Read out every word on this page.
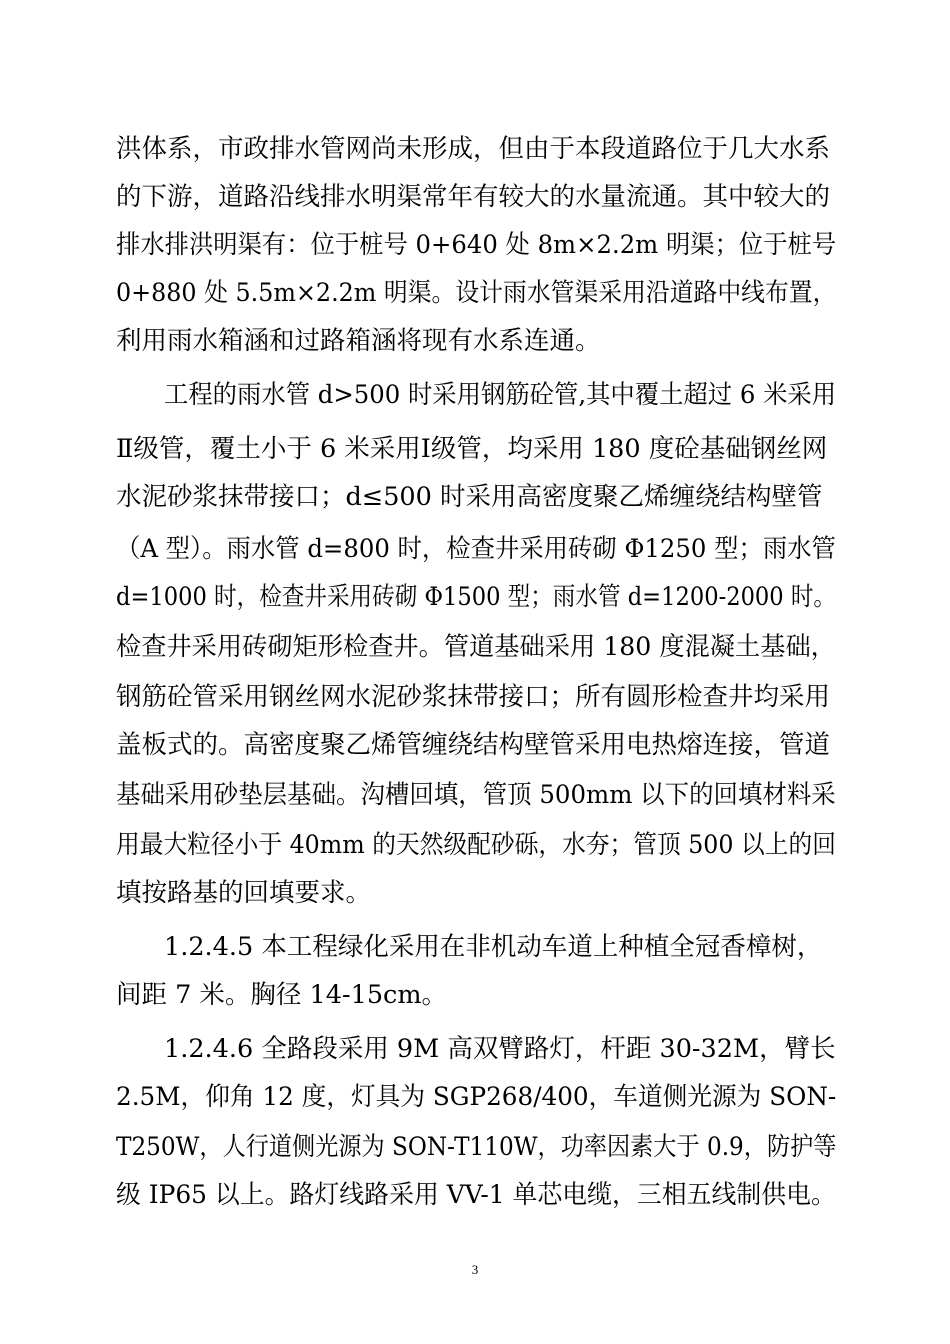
洪体系，市政排水管网尚未形成，但由于本段道路位于几大水系
的下游，道路沿线排水明渠常年有较大的水量流通。其中较大的
排水排洪明渠有：位于桩号 0+640 处 8m×2.2m 明渠；位于桩号
0+880 处 5.5m×2.2m 明渠。设计雨水管渠采用沿道路中线布置，
利用雨水箱涵和过路箱涵将现有水系连通。
工程的雨水管 d>500 时采用钢筋砼管,其中覆土超过 6 米采用
Ⅱ级管，覆土小于 6 米采用Ⅰ级管，均采用 180 度砼基础钢丝网
水泥砂浆抹带接口；d≤500 时采用高密度聚乙烯缠绕结构壁管
（A 型）。雨水管 d=800 时，检查井采用砖砌 Φ1250 型；雨水管
d=1000 时，检查井采用砖砌 Φ1500 型；雨水管 d=1200-2000 时。
检查井采用砖砌矩形检查井。管道基础采用 180 度混凝土基础，
钢筋砼管采用钢丝网水泥砂浆抹带接口；所有圆形检查井均采用
盖板式的。高密度聚乙烯管缠绕结构壁管采用电热熔连接，管道
基础采用砂垫层基础。沟槽回填，管顶 500mm 以下的回填材料采
用最大粒径小于 40mm 的天然级配砂砾，水夯；管顶 500 以上的回
填按路基的回填要求。
1.2.4.5 本工程绿化采用在非机动车道上种植全冠香樟树，
间距 7 米。胸径 14-15cm。
1.2.4.6 全路段采用 9M 高双臂路灯，杆距 30-32M，臂长
2.5M，仰角 12 度，灯具为 SGP268/400，车道侧光源为 SON-
T250W，人行道侧光源为 SON-T110W，功率因素大于 0.9，防护等
级 IP65 以上。路灯线路采用 VV-1 单芯电缆，三相五线制供电。
3
